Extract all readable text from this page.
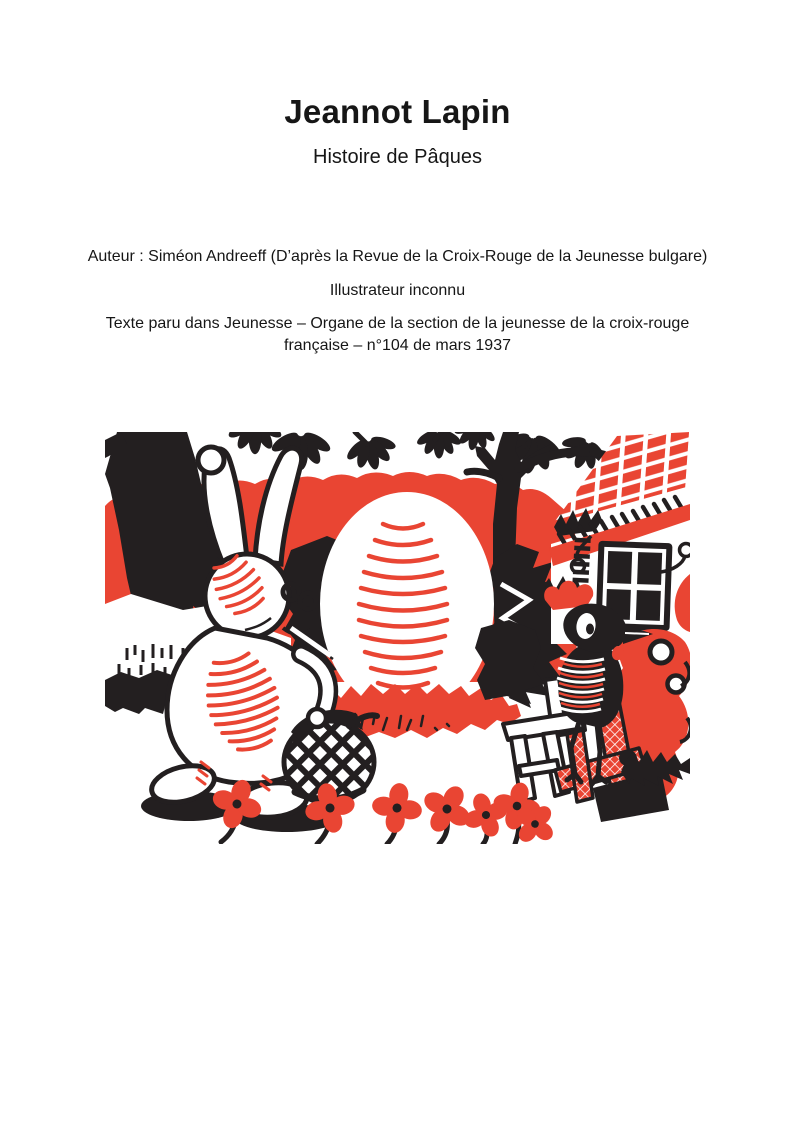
Jeannot Lapin
Histoire de Pâques

Auteur : Siméon Andreeff (D’après la Revue de la Croix-Rouge de la Jeunesse bulgare)

Illustrateur inconnu

Texte paru dans Jeunesse – Organe de la section de la jeunesse de la croix-rouge française – n°104 de mars 1937
